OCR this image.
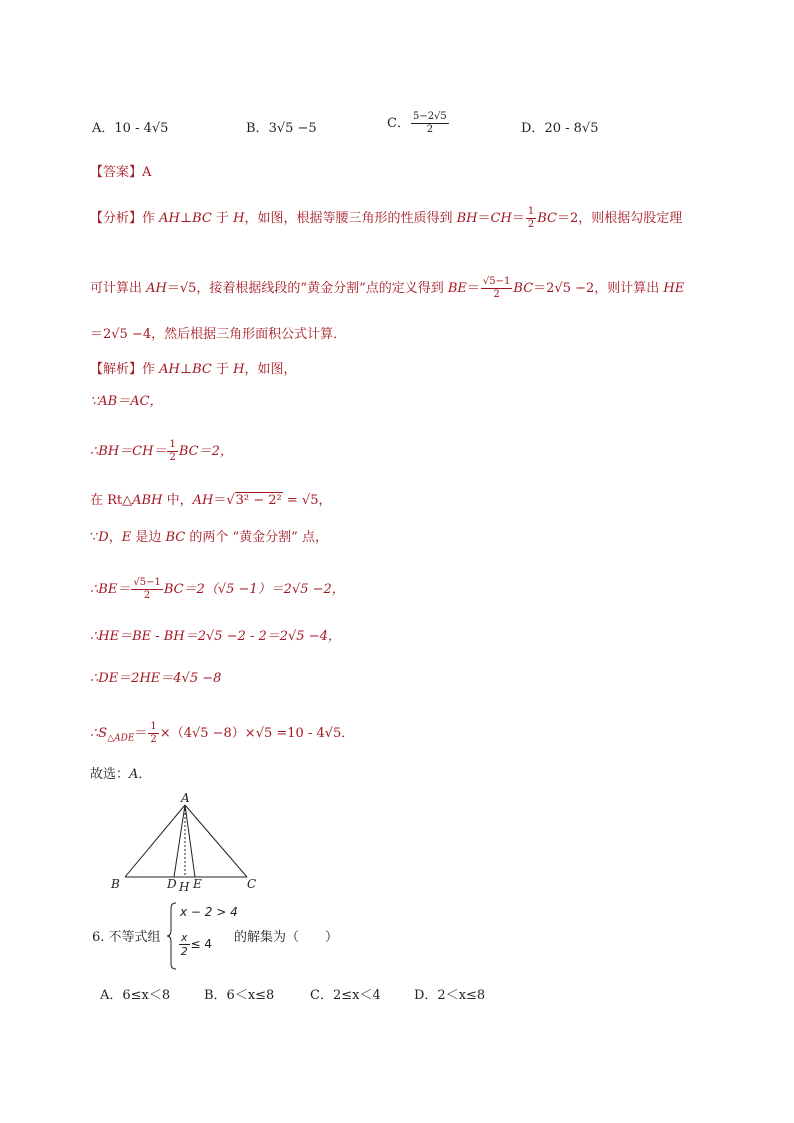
A．10 - 4√5	B．3√5 −5	C． $\frac{5-2√5}{2}$	D．20 - 8√5
【答案】A
【分析】作 AH⊥BC 于 H，如图，根据等腰三角形的性质得到 $BH=CH= \frac{1}{2} BC=2$，则根据勾股定理
可计算出 AH＝√5，接着根据线段的“黄金分割”点的定义得到 $BE= \frac{√5-1}{2} BC=2√5 -2$，则计算出 HE
＝2√5 −4，然后根据三角形面积公式计算．
【解析】作 AH⊥BC 于 H，如图，
∵AB＝AC，
∴BH＝CH＝ $\frac{1}{2} BC=2$，
在 Rt△ABH 中，AH＝√3² − 2² = √5，
∵D，E 是边 BC 的两个 “黄金分割” 点，
∴BE＝ $\frac{√5-1}{2} BC=2(√5 -1)=2√5 -2$，
∴HE＝BE - BH＝2√5 −2 - 2＝2√5 −4，
∴DE＝2HE＝4√5 −8
$\therefore S_{\triangle ADE}= \frac{1}{2} \times(4√5 -8)\times√5 =10 - 4√5$．
故选：A．
A
B	C
D H E
6. 不等式组
x − 2 > 4
$\frac{x}{2} \le 4$ 的解集为（　　）
A．6≤x＜8	B．6＜x≤8	C．2≤x＜4	D．2＜x≤8
